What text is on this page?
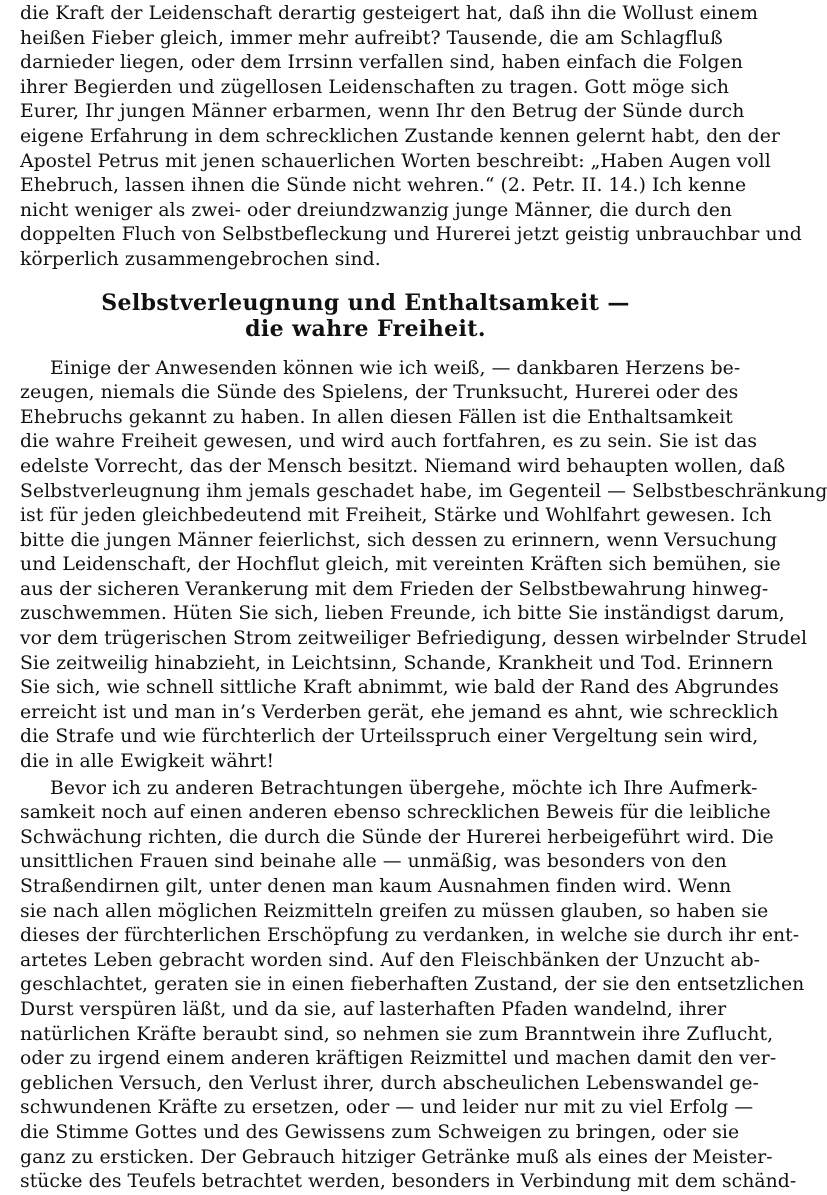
die Kraft der Leidenschaft derartig gesteigert hat, daß ihn die Wollust einem
heißen Fieber gleich, immer mehr aufreibt? Tausende, die am Schlagfluß
darnieder liegen, oder dem Irrsinn verfallen sind, haben einfach die Folgen
ihrer Begierden und zügellosen Leidenschaften zu tragen. Gott möge sich
Eurer, Ihr jungen Männer erbarmen, wenn Ihr den Betrug der Sünde durch
eigene Erfahrung in dem schrecklichen Zustande kennen gelernt habt, den der
Apostel Petrus mit jenen schauerlichen Worten beschreibt: „Haben Augen voll
Ehebruch, lassen ihnen die Sünde nicht wehren.“ (2. Petr. II. 14.) Ich kenne
nicht weniger als zwei- oder dreiundzwanzig junge Männer, die durch den
doppelten Fluch von Selbstbefleckung und Hurerei jetzt geistig unbrauchbar und
körperlich zusammengebrochen sind.
Selbstverleugnung und Enthaltsamkeit —
die wahre Freiheit.
Einige der Anwesenden können wie ich weiß, — dankbaren Herzens be-
zeugen, niemals die Sünde des Spielens, der Trunksucht, Hurerei oder des
Ehebruchs gekannt zu haben. In allen diesen Fällen ist die Enthaltsamkeit
die wahre Freiheit gewesen, und wird auch fortfahren, es zu sein. Sie ist das
edelste Vorrecht, das der Mensch besitzt. Niemand wird behaupten wollen, daß
Selbstverleugnung ihm jemals geschadet habe, im Gegenteil — Selbstbeschränkung
ist für jeden gleichbedeutend mit Freiheit, Stärke und Wohlfahrt gewesen. Ich
bitte die jungen Männer feierlichst, sich dessen zu erinnern, wenn Versuchung
und Leidenschaft, der Hochflut gleich, mit vereinten Kräften sich bemühen, sie
aus der sicheren Verankerung mit dem Frieden der Selbstbewahrung hinweg-
zuschwemmen. Hüten Sie sich, lieben Freunde, ich bitte Sie inständigst darum,
vor dem trügerischen Strom zeitweiliger Befriedigung, dessen wirbelnder Strudel
Sie zeitweilig hinabzieht, in Leichtsinn, Schande, Krankheit und Tod. Erinnern
Sie sich, wie schnell sittliche Kraft abnimmt, wie bald der Rand des Abgrundes
erreicht ist und man in’s Verderben gerät, ehe jemand es ahnt, wie schrecklich
die Strafe und wie fürchterlich der Urteilsspruch einer Vergeltung sein wird,
die in alle Ewigkeit währt!
Bevor ich zu anderen Betrachtungen übergehe, möchte ich Ihre Aufmerk-
samkeit noch auf einen anderen ebenso schrecklichen Beweis für die leibliche
Schwächung richten, die durch die Sünde der Hurerei herbeigeführt wird. Die
unsittlichen Frauen sind beinahe alle — unmäßig, was besonders von den
Straßendirnen gilt, unter denen man kaum Ausnahmen finden wird. Wenn
sie nach allen möglichen Reizmitteln greifen zu müssen glauben, so haben sie
dieses der fürchterlichen Erschöpfung zu verdanken, in welche sie durch ihr ent-
artetes Leben gebracht worden sind. Auf den Fleischbänken der Unzucht ab-
geschlachtet, geraten sie in einen fieberhaften Zustand, der sie den entsetzlichen
Durst verspüren läßt, und da sie, auf lasterhaften Pfaden wandelnd, ihrer
natürlichen Kräfte beraubt sind, so nehmen sie zum Branntwein ihre Zuflucht,
oder zu irgend einem anderen kräftigen Reizmittel und machen damit den ver-
geblichen Versuch, den Verlust ihrer, durch abscheulichen Lebenswandel ge-
schwundenen Kräfte zu ersetzen, oder — und leider nur mit zu viel Erfolg —
die Stimme Gottes und des Gewissens zum Schweigen zu bringen, oder sie
ganz zu ersticken. Der Gebrauch hitziger Getränke muß als eines der Meister-
stücke des Teufels betrachtet werden, besonders in Verbindung mit dem schänd-
